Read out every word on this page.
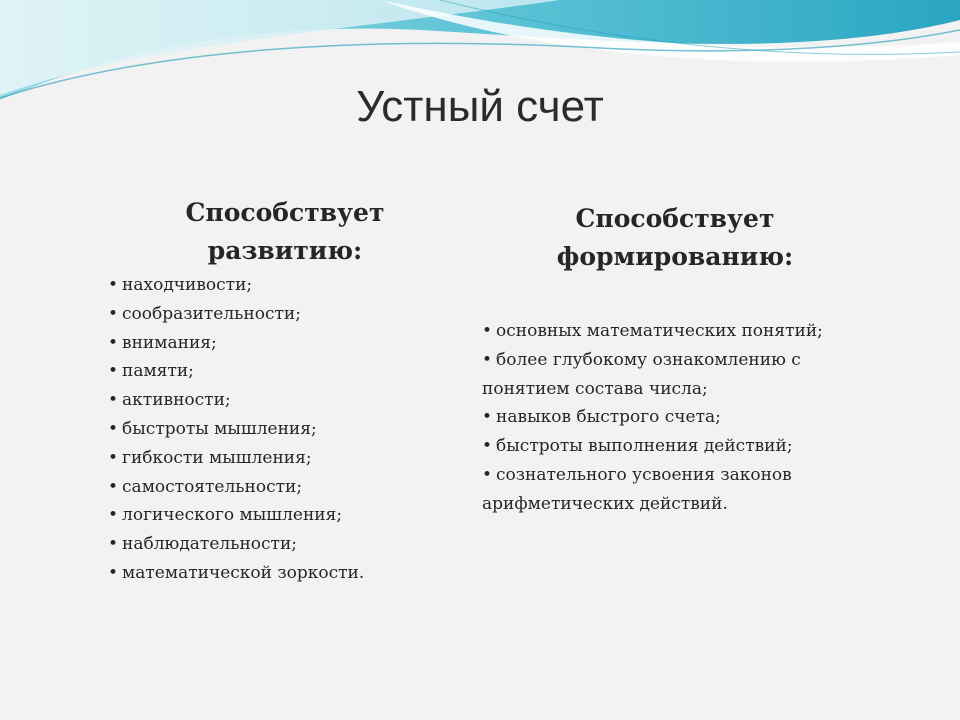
Устный счет
Способствует развитию:
Способствует формированию:
• находчивости;
• сообразительности;
• внимания;
• памяти;
• активности;
• быстроты мышления;
• гибкости мышления;
• самостоятельности;
• логического мышления;
• наблюдательности;
• математической зоркости.
• основных математических понятий;
• более глубокому ознакомлению с понятием состава числа;
• навыков быстрого счета;
• быстроты выполнения действий;
• сознательного усвоения законов арифметических действий.
